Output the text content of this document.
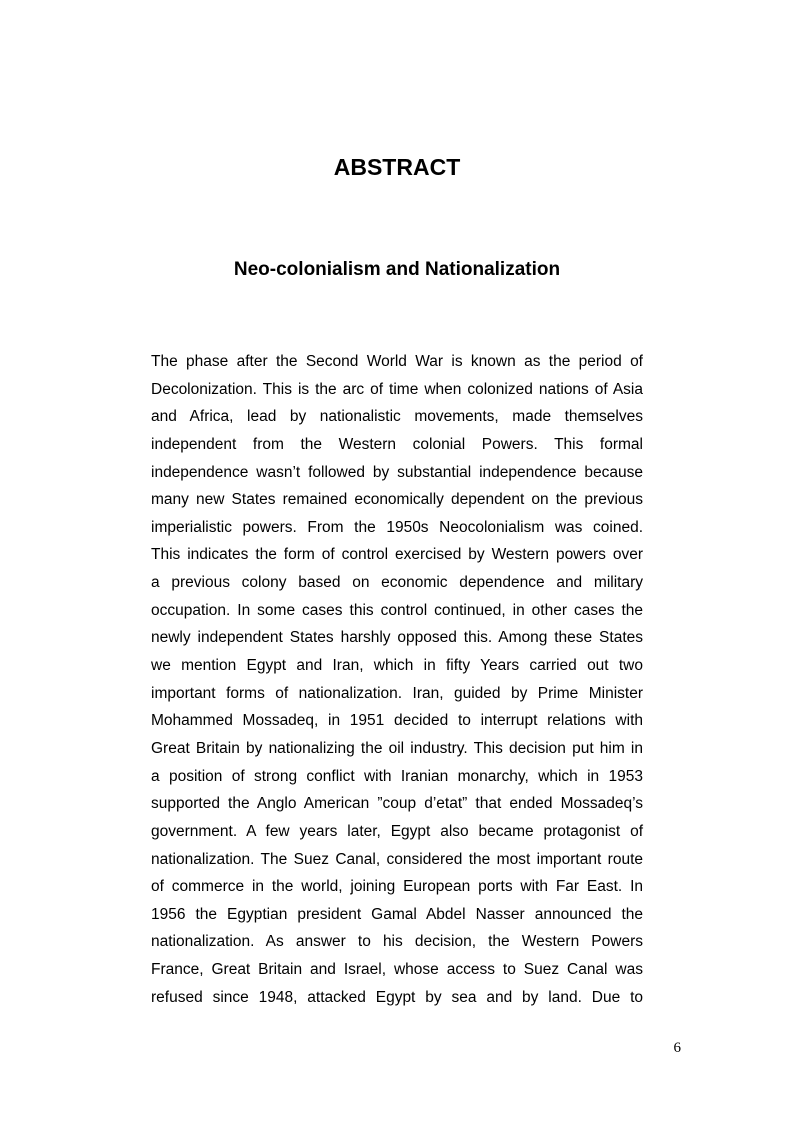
ABSTRACT
Neo-colonialism and Nationalization
The phase after the Second World War is known as the period of
Decolonization. This is the arc of time when colonized nations of Asia
and Africa, lead by nationalistic movements, made themselves
independent from the Western colonial Powers. This formal
independence wasn’t followed by substantial independence because
many new States remained economically dependent on the previous
imperialistic powers. From the 1950s Neocolonialism was coined.
This indicates the form of control exercised by Western powers over
a previous colony based on economic dependence and military
occupation. In some cases this control continued, in other cases the
newly independent States harshly opposed this. Among these States
we mention Egypt and Iran, which in fifty Years carried out two
important forms of nationalization. Iran, guided by Prime Minister
Mohammed Mossadeq, in 1951 decided to interrupt relations with
Great Britain by nationalizing the oil industry. This decision put him in
a position of strong conflict with Iranian monarchy, which in 1953
supported the Anglo American ”coup d’etat” that ended Mossadeq’s
government. A few years later, Egypt also became protagonist of
nationalization. The Suez Canal, considered the most important route
of commerce in the world, joining European ports with Far East. In
1956 the Egyptian president Gamal Abdel Nasser announced the
nationalization. As answer to his decision, the Western Powers
France, Great Britain and Israel, whose access to Suez Canal was
refused since 1948, attacked Egypt by sea and by land. Due to
6
